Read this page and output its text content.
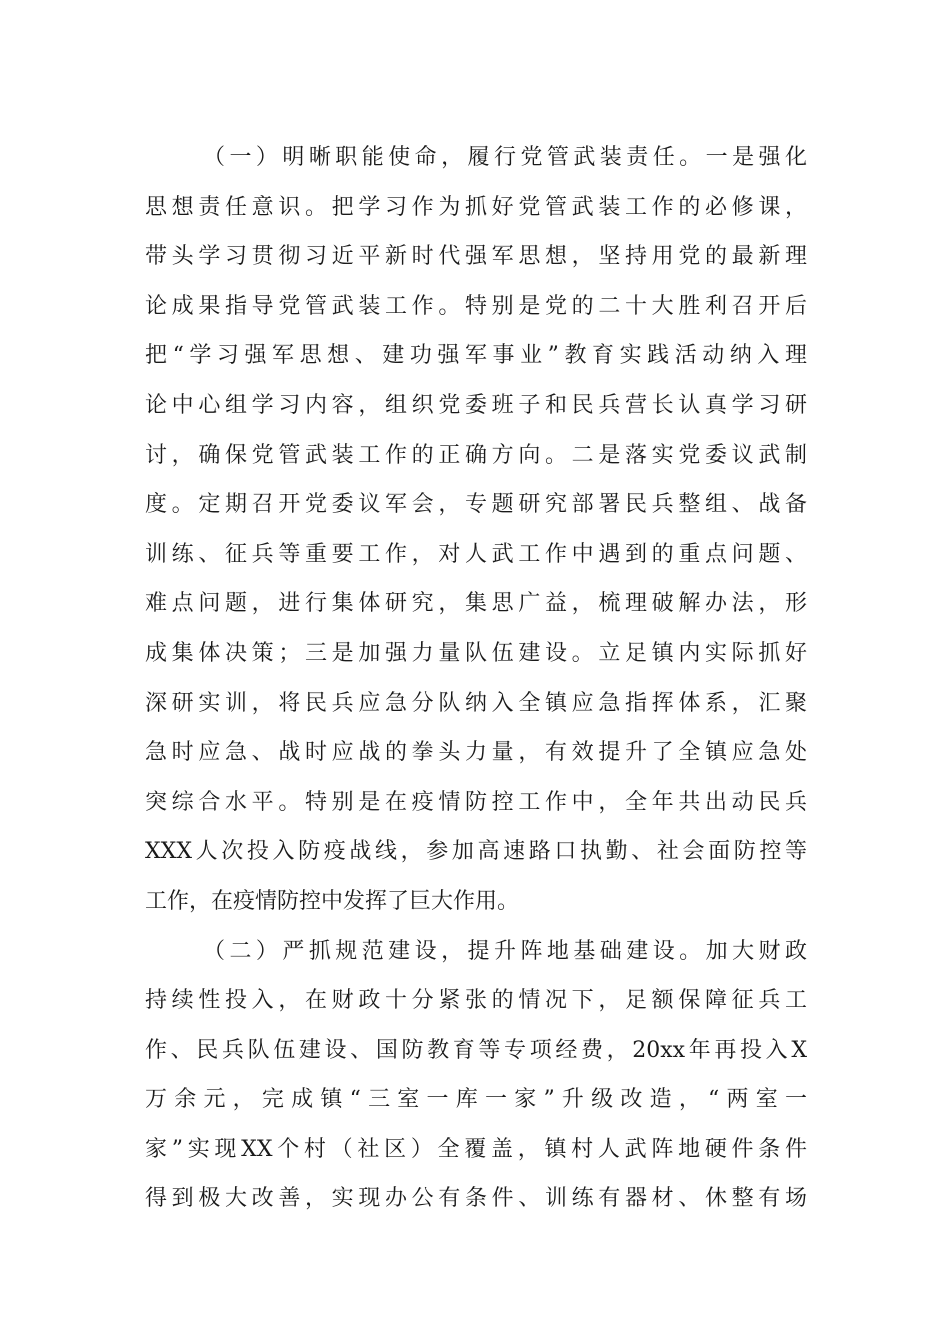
（一）明晰职能使命，履行党管武装责任。一是强化
思想责任意识。把学习作为抓好党管武装工作的必修课，
带头学习贯彻习近平新时代强军思想，坚持用党的最新理
论成果指导党管武装工作。特别是党的二十大胜利召开后
把“学习强军思想、建功强军事业”教育实践活动纳入理
论中心组学习内容，组织党委班子和民兵营长认真学习研
讨，确保党管武装工作的正确方向。二是落实党委议武制
度。定期召开党委议军会，专题研究部署民兵整组、战备
训练、征兵等重要工作，对人武工作中遇到的重点问题、
难点问题，进行集体研究，集思广益，梳理破解办法，形
成集体决策；三是加强力量队伍建设。立足镇内实际抓好
深研实训，将民兵应急分队纳入全镇应急指挥体系，汇聚
急时应急、战时应战的拳头力量，有效提升了全镇应急处
突综合水平。特别是在疫情防控工作中，全年共出动民兵
XXX人次投入防疫战线，参加高速路口执勤、社会面防控等
工作，在疫情防控中发挥了巨大作用。
（二）严抓规范建设，提升阵地基础建设。加大财政
持续性投入，在财政十分紧张的情况下，足额保障征兵工
作、民兵队伍建设、国防教育等专项经费，20xx年再投入X
万余元，完成镇“三室一库一家”升级改造，“两室一
家”实现XX个村（社区）全覆盖，镇村人武阵地硬件条件
得到极大改善，实现办公有条件、训练有器材、休整有场
